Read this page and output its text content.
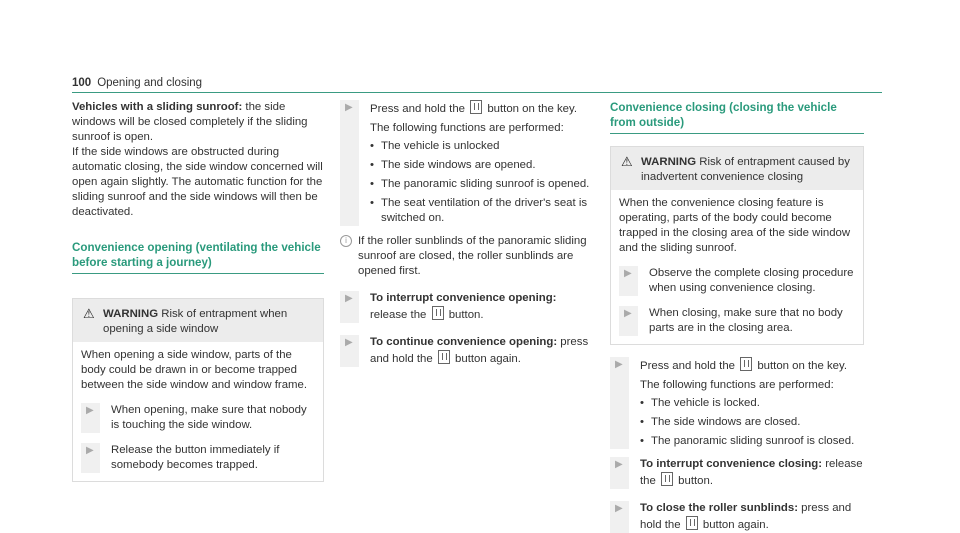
100 Opening and closing

Vehicles with a sliding sunroof: the side windows will be closed completely if the sliding sunroof is open.

If the side windows are obstructed during automatic closing, the side window concerned will open again slightly. The automatic function for the sliding sunroof and the side windows will then be deactivated.

Convenience opening (ventilating the vehicle before starting a journey)
⚠ WARNING Risk of entrapment when opening a side window

When opening a side window, parts of the body could be drawn in or become trapped between the side window and window frame.

▶ When opening, make sure that nobody is touching the side window.

▶ Release the button immediately if somebody becomes trapped.

▶ Press and hold the  button on the key.

The following functions are performed:

• The vehicle is unlocked
• The side windows are opened.
• The panoramic sliding sunroof is opened.
• The seat ventilation of the driver's seat is switched on.
i If the roller sunblinds of the panoramic sliding sunroof are closed, the roller sunblinds are opened first.

▶ To interrupt convenience opening: release the  button.

▶ To continue convenience opening: press and hold the  button again.

Convenience closing (closing the vehicle from outside)
⚠ WARNING Risk of entrapment caused by inadvertent convenience closing

When the convenience closing feature is operating, parts of the body could become trapped in the closing area of the side window and the sliding sunroof.

▶ Observe the complete closing procedure when using convenience closing.

▶ When closing, make sure that no body parts are in the closing area.

▶ Press and hold the  button on the key.

The following functions are performed:

• The vehicle is locked.
• The side windows are closed.
• The panoramic sliding sunroof is closed.
▶ To interrupt convenience closing: release the  button.

▶ To close the roller sunblinds: press and hold the  button again.
